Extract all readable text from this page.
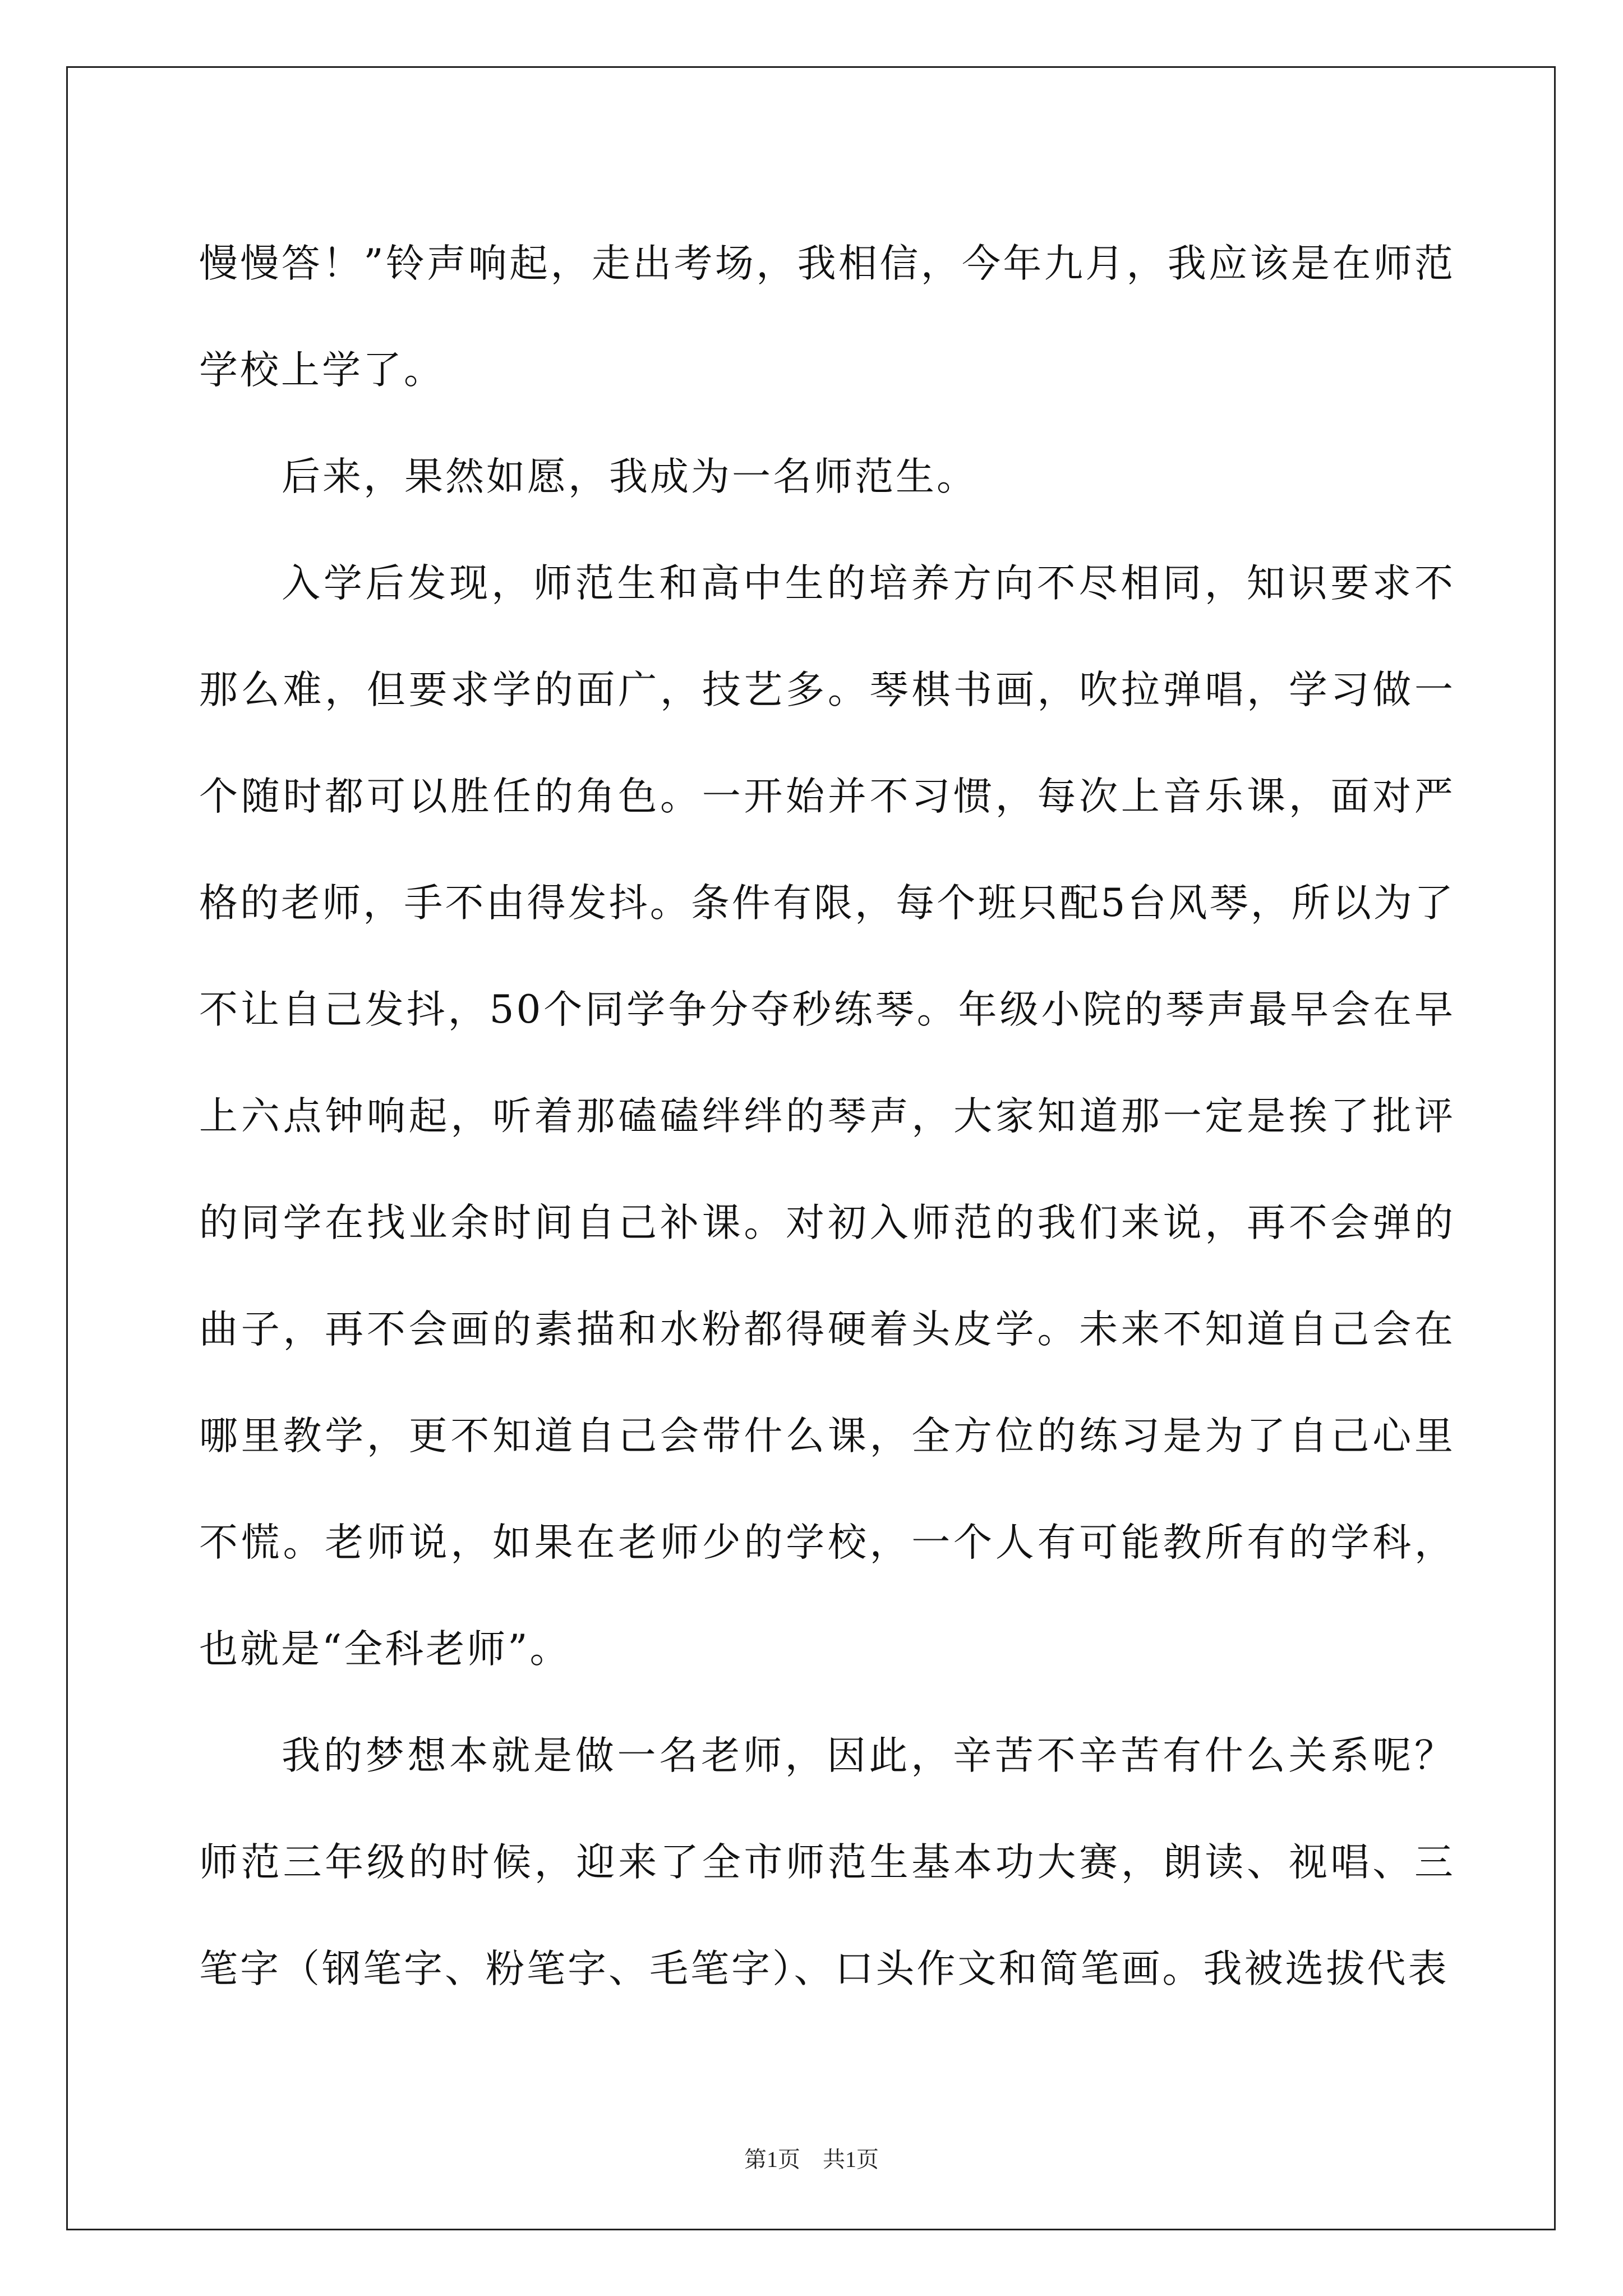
慢慢答！”铃声响起，走出考场，我相信，今年九月，我应该是在师范学校上学了。

后来，果然如愿，我成为一名师范生。

入学后发现，师范生和高中生的培养方向不尽相同，知识要求不那么难，但要求学的面广，技艺多。琴棋书画，吹拉弹唱，学习做一个随时都可以胜任的角色。一开始并不习惯，每次上音乐课，面对严格的老师，手不由得发抖。条件有限，每个班只配5台风琴，所以为了不让自己发抖，50个同学争分夺秒练琴。年级小院的琴声最早会在早上六点钟响起，听着那磕磕绊绊的琴声，大家知道那一定是挨了批评的同学在找业余时间自己补课。对初入师范的我们来说，再不会弹的曲子，再不会画的素描和水粉都得硬着头皮学。未来不知道自己会在哪里教学，更不知道自己会带什么课，全方位的练习是为了自己心里不慌。老师说，如果在老师少的学校，一个人有可能教所有的学科，也就是“全科老师”。

我的梦想本就是做一名老师，因此，辛苦不辛苦有什么关系呢？师范三年级的时候，迎来了全市师范生基本功大赛，朗读、视唱、三笔字（钢笔字、粉笔字、毛笔字）、口头作文和简笔画。我被选拔代表

第1页　共1页
